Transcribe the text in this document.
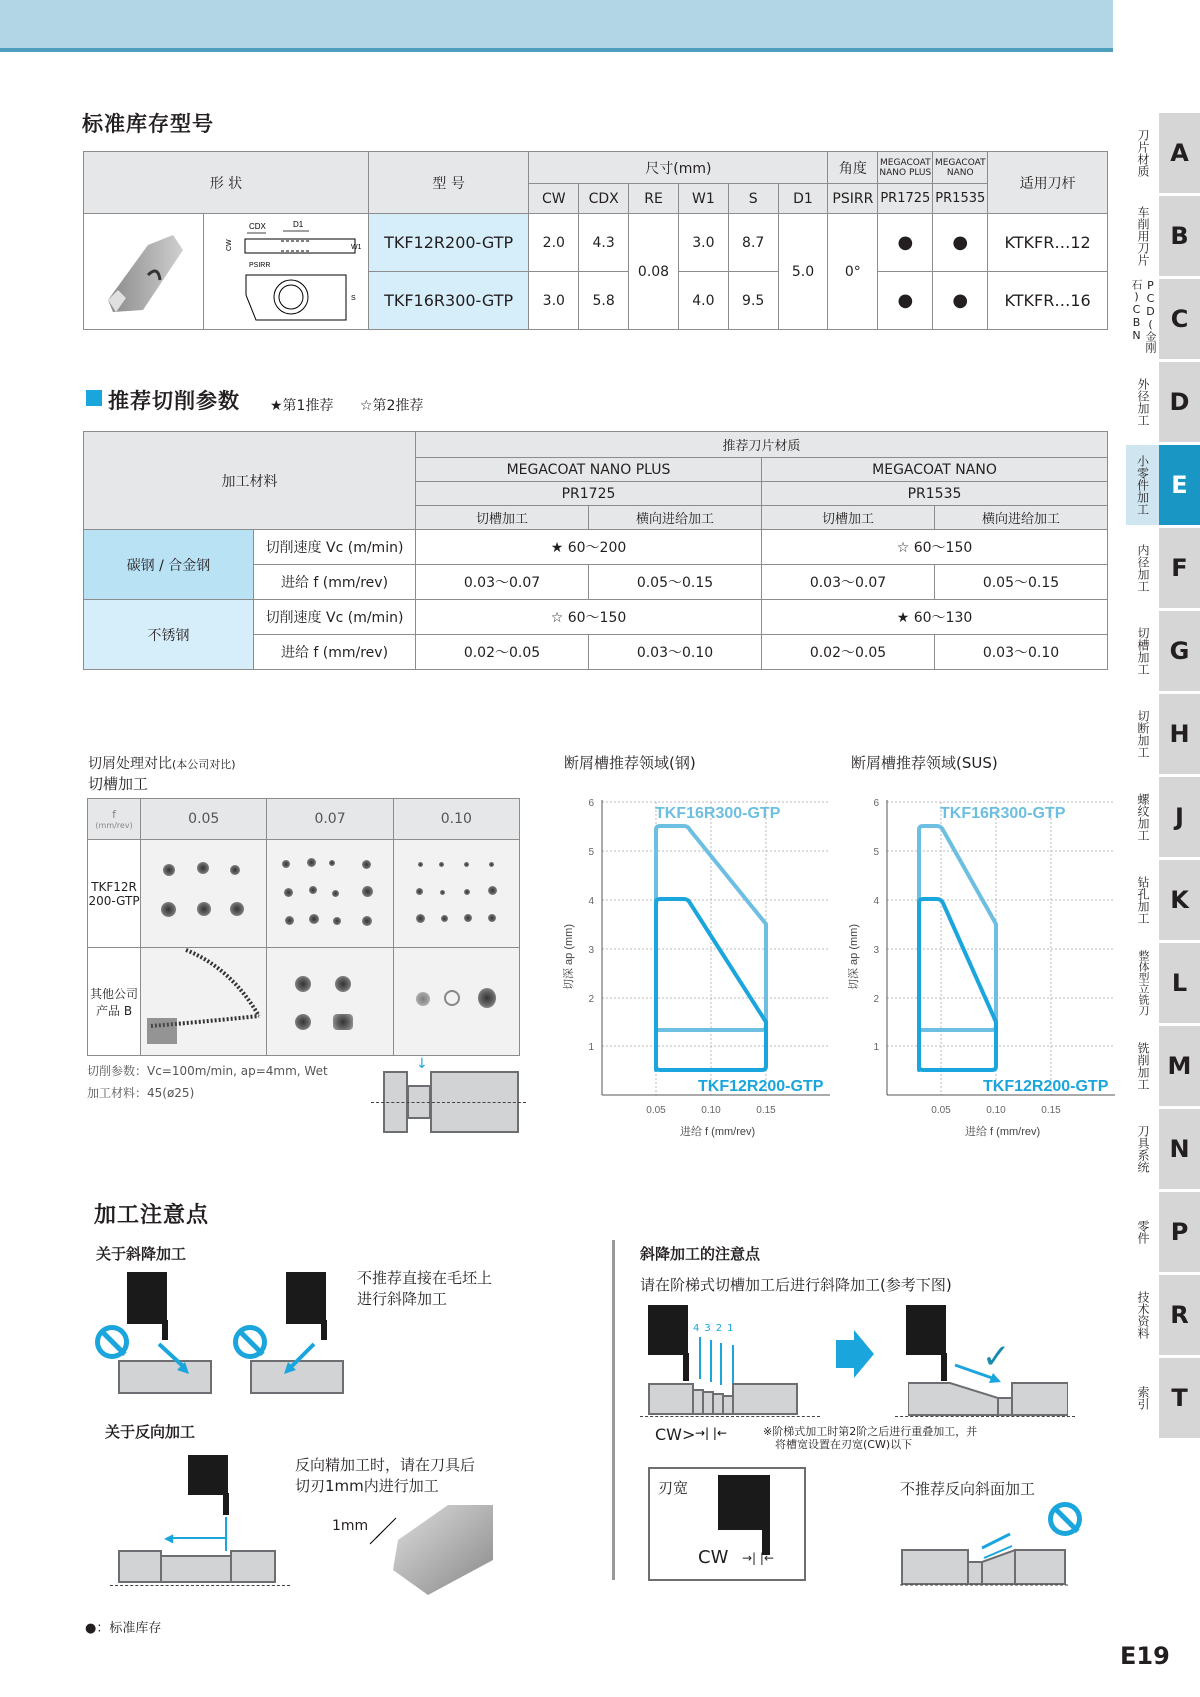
标准库存型号
形 状		型 号	尺寸(mm)						角度	MEGACOAT NANO PLUS	MEGACOAT NANO	适用刀杆
			CW	CDX	RE	W1	S	D1	PSIRR	PR1725	PR1535	

CDX	D1
CW
PSIRR
W1
S
	TKF12R200-GTP	2.0	4.3	0.08	3.0	8.7	5.0	0°	●	●	KTKFR…12
		TKF16R300-GTP	3.0	5.8		4.0	9.5			●	●	KTKFR…16
推荐切削参数 ★第1推荐 ☆第2推荐
加工材料		推荐刀片材质			
		MEGACOAT NANO PLUS		MEGACOAT NANO	
		PR1725		PR1535	
		切槽加工	横向进给加工	切槽加工	横向进给加工
碳钢 / 合金钢	切削速度 Vc (m/min)	★ 60～200		☆ 60～150	
	进给 f (mm/rev)	0.03～0.07	0.05～0.15	0.03～0.07	0.05～0.15
不锈钢	切削速度 Vc (m/min)	☆ 60～150		★ 60～130	
	进给 f (mm/rev)	0.02～0.05	0.03～0.10	0.02～0.05	0.03～0.10
切屑处理对比(本公司对比)
切槽加工
f
(mm/rev)	0.05	0.07	0.10

TKF12R
200-GTP			

其他公司
产品 B

切削参数：Vc=100m/min, ap=4mm, Wet
加工材料：45(ø25)
↓
断屑槽推荐领域(钢)	断屑槽推荐领域(SUS)
6
5
4
3
2
1
0.05	0.10	0.15
进给 f (mm/rev)
切深 ap (mm)
TKF16R300-GTP
TKF12R200-GTP
6
5
4
3
2
1
0.05	0.10	0.15
进给 f (mm/rev)
切深 ap (mm)
TKF16R300-GTP
TKF12R200-GTP
加工注意点
关于斜降加工
不推荐直接在毛坯上
进行斜降加工
关于反向加工
◀
反向精加工时，请在刀具后
切刃1mm内进行加工
1mm
斜降加工的注意点
请在阶梯式切槽加工后进行斜降加工(参考下图)
4321
CW> →| |←	※阶梯式加工时第2阶之后进行重叠加工，并
将槽宽设置在刃宽(CW)以下
✓
刃宽
CW →| |←
不推荐反向斜面加工
●：标准库存
E19
刀片材质 A
车削用刀片 B
PCD(金刚石)CBN	C
外径加工 D
小零件加工 E
内径加工 F
切槽加工 G
切断加工 H
螺纹加工	J
钻孔加工 K
整体型立铣刀 L
铣削加工 M
刀具系统 N
零件 P
技术资料 R
索引 T
